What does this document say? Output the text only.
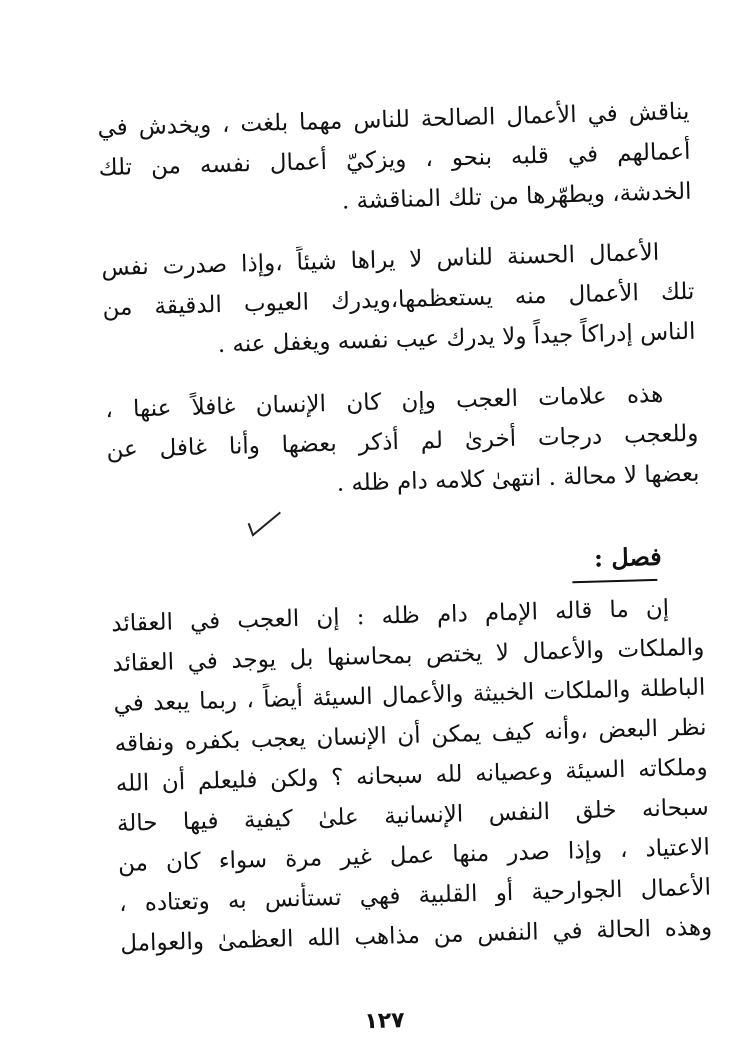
يناقش في الأعمال الصالحة للناس مهما بلغت ، ويخدش في
أعمالهم في قلبه بنحو ، ويزكيّ أعمال نفسه من تلك
الخدشة، ويطهّرها من تلك المناقشة .
الأعمال الحسنة للناس لا يراها شيئاً ،وإذا صدرت نفس
تلك الأعمال منه يستعظمها،ويدرك العيوب الدقيقة من
الناس إدراكاً جيداً ولا يدرك عيب نفسه ويغفل عنه .
هذه علامات العجب وإن كان الإنسان غافلاً عنها ،
وللعجب درجات أخرىٰ لم أذكر بعضها وأنا غافل عن
بعضها لا محالة . انتهىٰ كلامه دام ظله .
فصل :
إن ما قاله الإمام دام ظله : إن العجب في العقائد
والملكات والأعمال لا يختص بمحاسنها بل يوجد في العقائد
الباطلة والملكات الخبيثة والأعمال السيئة أيضاً ، ربما يبعد في
نظر البعض ،وأنه كيف يمكن أن الإنسان يعجب بكفره ونفاقه
وملكاته السيئة وعصيانه لله سبحانه ؟ ولكن فليعلم أن الله
سبحانه خلق النفس الإنسانية علىٰ كيفية فيها حالة
الاعتياد ، وإذا صدر منها عمل غير مرة سواء كان من
الأعمال الجوارحية أو القلبية فهي تستأنس به وتعتاده ،
وهذه الحالة في النفس من مذاهب الله العظمىٰ والعوامل
١٢٧
